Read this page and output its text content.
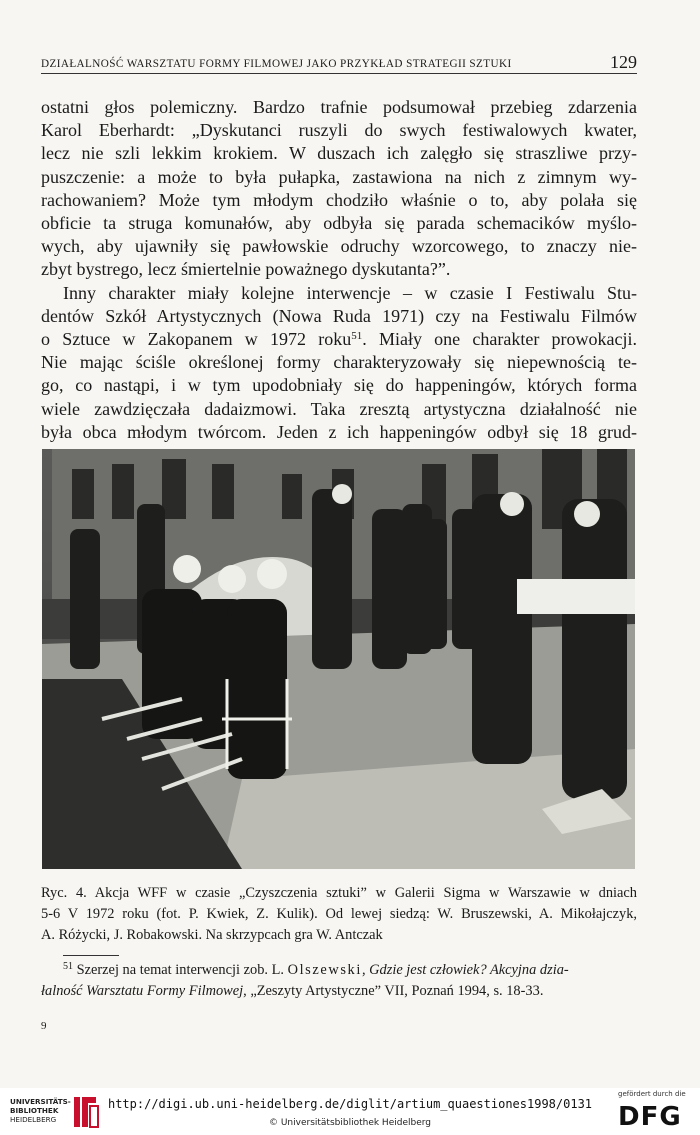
DZIAŁALNOŚĆ WARSZTATU FORMY FILMOWEJ JAKO PRZYKŁAD STRATEGII SZTUKI	129
ostatni głos polemiczny. Bardzo trafnie podsumował przebieg zdarzenia
Karol Eberhardt: „Dyskutanci ruszyli do swych festiwalowych kwater,
lecz nie szli lekkim krokiem. W duszach ich zalęgło się straszliwe przy-
puszczenie: a może to była pułapka, zastawiona na nich z zimnym wy-
rachowaniem? Może tym młodym chodziło właśnie o to, aby polała się
obficie ta struga komunałów, aby odbyła się parada schemacików myślo-
wych, aby ujawniły się pawłowskie odruchy wzorcowego, to znaczy nie-
zbyt bystrego, lecz śmiertelnie poważnego dyskutanta?”.
Inny charakter miały kolejne interwencje – w czasie I Festiwalu Stu-
dentów Szkół Artystycznych (Nowa Ruda 1971) czy na Festiwalu Filmów
o Sztuce w Zakopanem w 1972 roku$^{51}$. Miały one charakter prowokacji.
Nie mając ściśle określonej formy charakteryzowały się niepewnością te-
go, co nastąpi, i w tym upodobniały się do happeningów, których forma
wiele zawdzięczała dadaizmowi. Taka zresztą artystyczna działalność nie
była obca młodym twórcom. Jeden z ich happeningów odbył się 18 grud-
Ryc. 4. Akcja WFF w czasie „Czyszczenia sztuki” w Galerii Sigma w Warszawie w dniach
5-6 V 1972 roku (fot. P. Kwiek, Z. Kulik). Od lewej siedzą: W. Bruszewski, A. Mikołajczyk,
A. Różycki, J. Robakowski. Na skrzypcach gra W. Antczak
$^{51}$ Szerzej na temat interwencji zob. L. Olszewski, Gdzie jest człowiek? Akcyjna dzia-
łalność Warsztatu Formy Filmowej, „Zeszyty Artystyczne” VII, Poznań 1994, s. 18-33.
9
UNIVERSITÄTS-
BIBLIOTHEK
HEIDELBERG
http://digi.ub.uni-heidelberg.de/diglit/artium_quaestiones1998/0131
© Universitätsbibliothek Heidelberg
gefördert durch die
DFG
